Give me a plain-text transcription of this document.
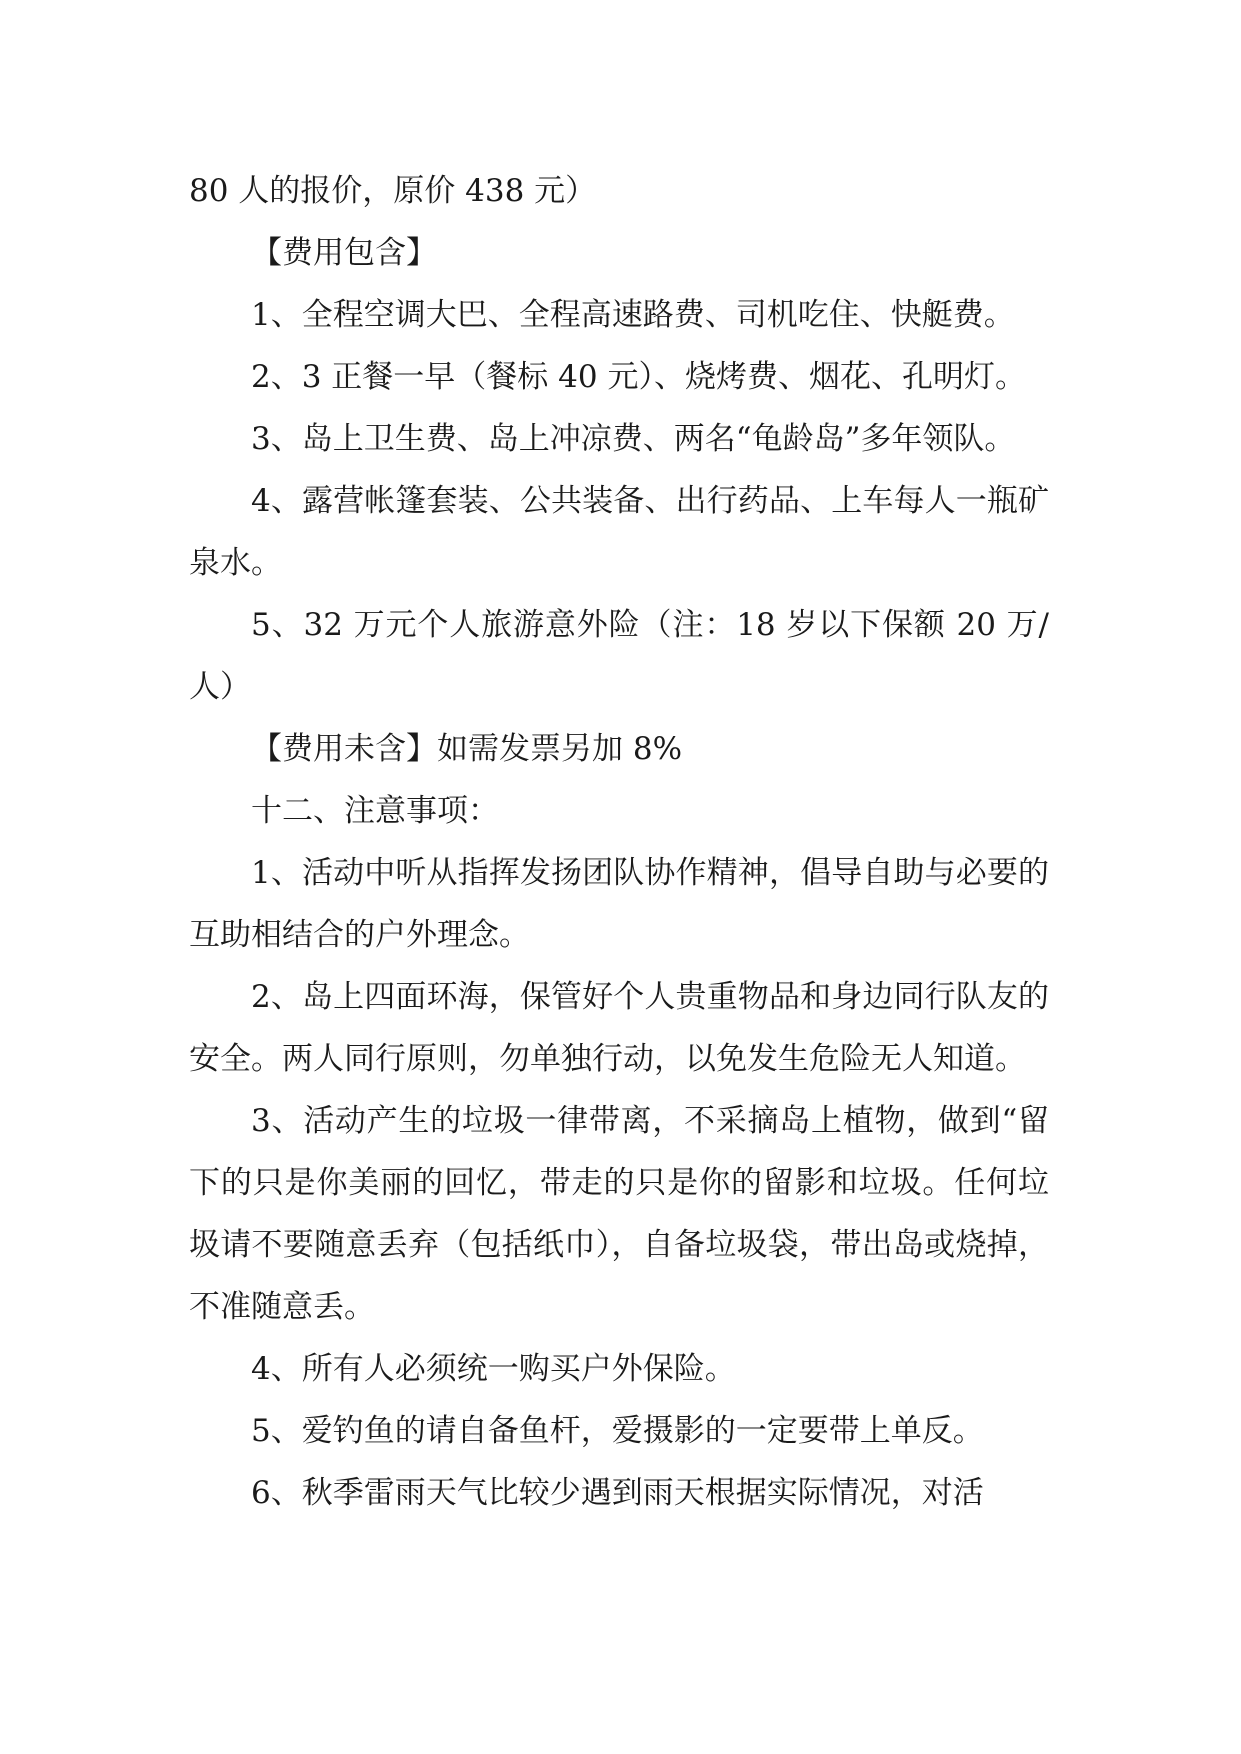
80 人的报价，原价 438 元）

【费用包含】

1、全程空调大巴、全程高速路费、司机吃住、快艇费。

2、3 正餐一早（餐标 40 元）、烧烤费、烟花、孔明灯。

3、岛上卫生费、岛上冲凉费、两名“龟龄岛”多年领队。

4、露营帐篷套装、公共装备、出行药品、上车每人一瓶矿泉水。

5、32 万元个人旅游意外险（注：18 岁以下保额 20 万/人）

【费用未含】如需发票另加 8%

十二、注意事项：

1、活动中听从指挥发扬团队协作精神，倡导自助与必要的互助相结合的户外理念。

2、岛上四面环海，保管好个人贵重物品和身边同行队友的安全。两人同行原则，勿单独行动，以免发生危险无人知道。

3、活动产生的垃圾一律带离，不采摘岛上植物，做到“留下的只是你美丽的回忆，带走的只是你的留影和垃圾。任何垃圾请不要随意丢弃（包括纸巾），自备垃圾袋，带出岛或烧掉，不准随意丢。

4、所有人必须统一购买户外保险。

5、爱钓鱼的请自备鱼杆，爱摄影的一定要带上单反。

6、秋季雷雨天气比较少遇到雨天根据实际情况，对活
